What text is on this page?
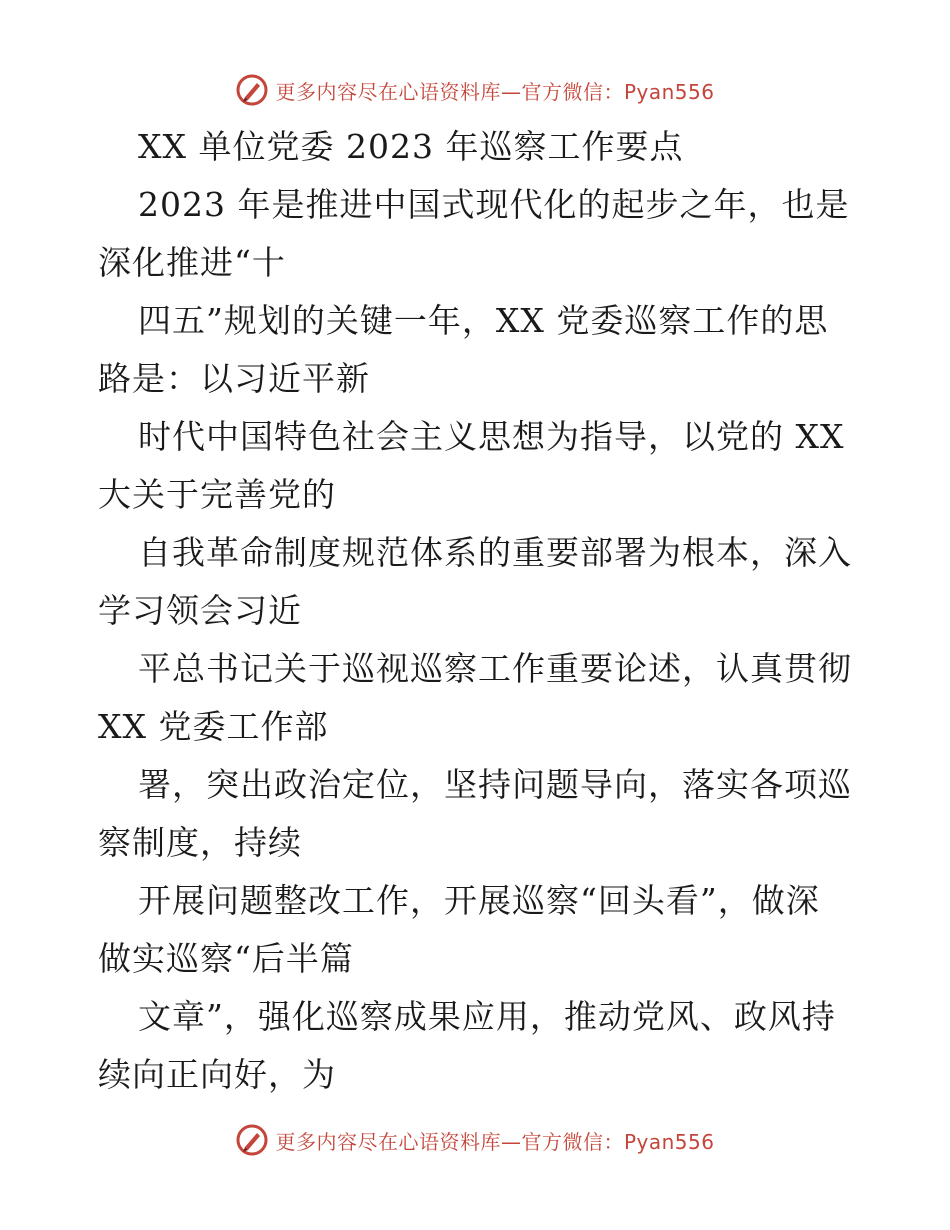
更多内容尽在心语资料库—官方微信：Pyan556
XX 单位党委 2023 年巡察工作要点
2023 年是推进中国式现代化的起步之年，也是
深化推进“十
四五”规划的关键一年，XX 党委巡察工作的思
路是：以习近平新
时代中国特色社会主义思想为指导，以党的 XX
大关于完善党的
自我革命制度规范体系的重要部署为根本，深入
学习领会习近
平总书记关于巡视巡察工作重要论述，认真贯彻
XX 党委工作部
署，突出政治定位，坚持问题导向，落实各项巡
察制度，持续
开展问题整改工作，开展巡察“回头看”，做深
做实巡察“后半篇
文章”，强化巡察成果应用，推动党风、政风持
续向正向好，为
更多内容尽在心语资料库—官方微信：Pyan556
